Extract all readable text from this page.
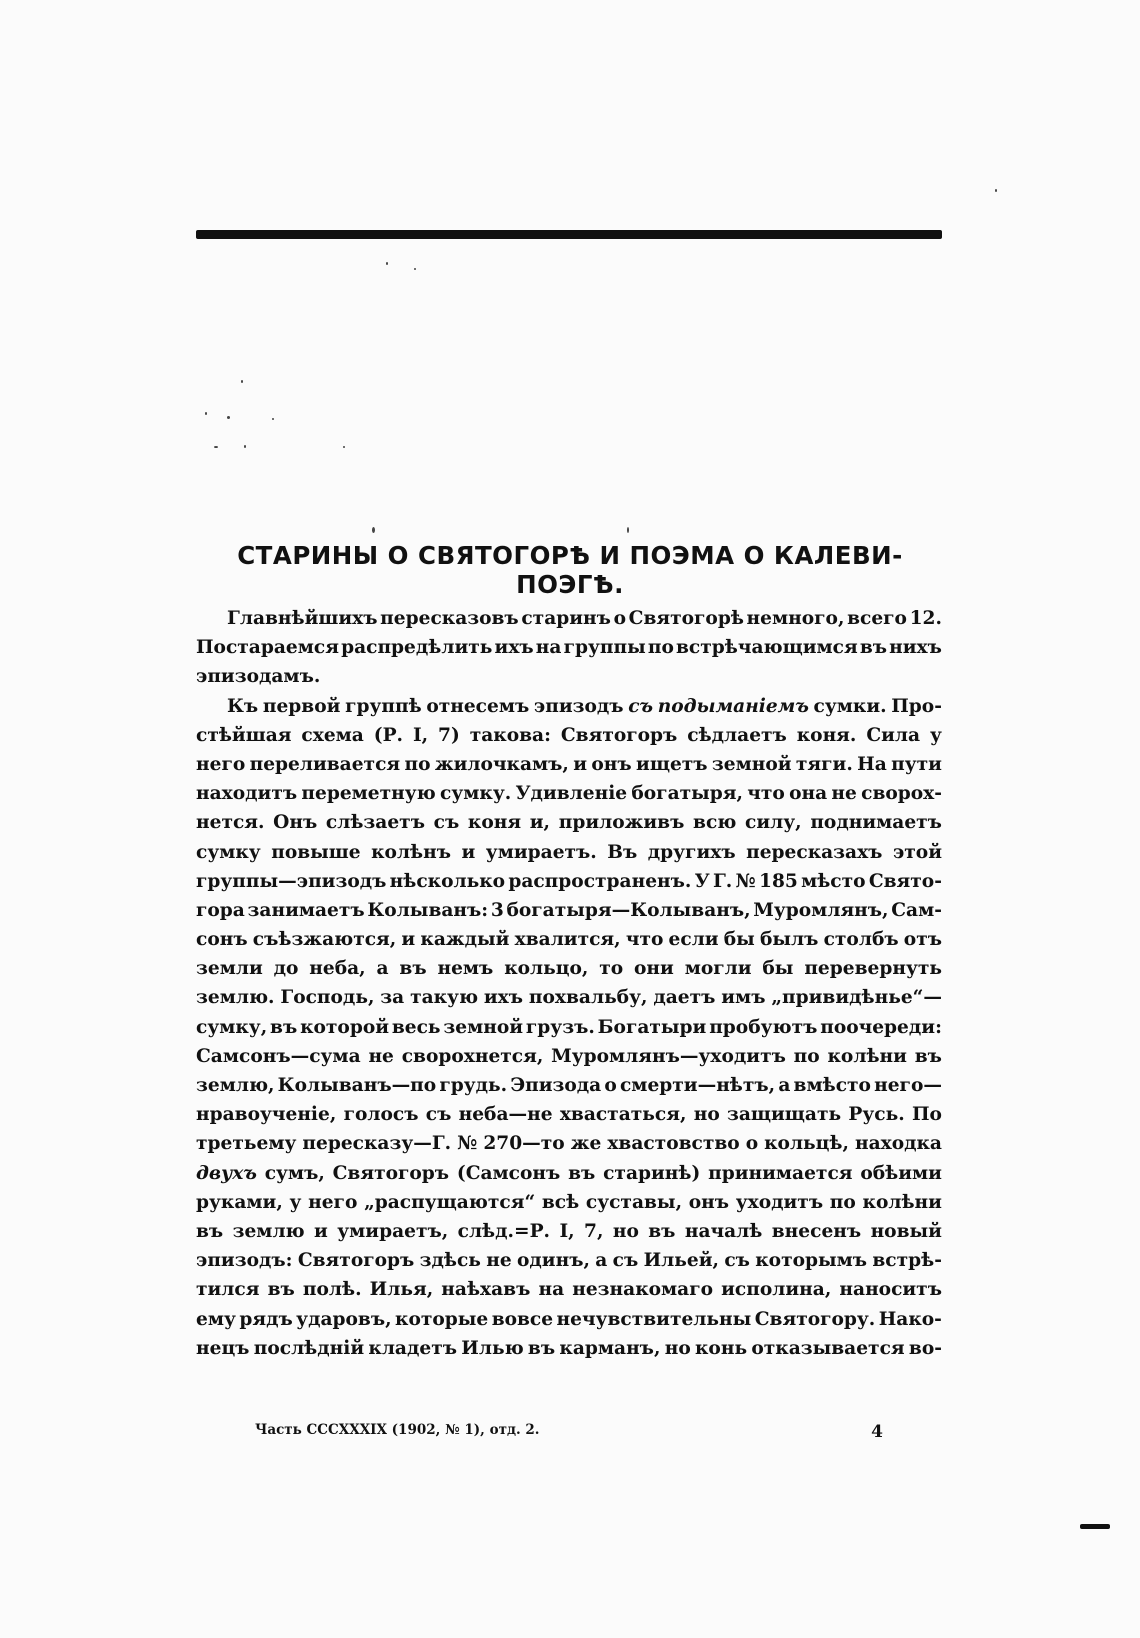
СТАРИНЫ О СВЯТОГОРѢ И ПОЭМА О КАЛЕВИ-ПОЭГѢ.
Главнѣйшихъ пересказовъ старинъ о Святогорѣ немного, всего 12.
Постараемся распредѣлить ихъ на группы по встрѣчающимся въ нихъ
эпизодамъ.
Къ первой группѣ отнесемъ эпизодъ съ подыманіемъ сумки. Про-
стѣйшая схема (Р. I, 7) такова: Святогоръ сѣдлаетъ коня. Сила у
него переливается по жилочкамъ, и онъ ищетъ земной тяги. На пути
находитъ переметную сумку. Удивленіе богатыря, что она не сворох-
нется. Онъ слѣзаетъ съ коня и, приложивъ всю силу, поднимаетъ
сумку повыше колѣнъ и умираетъ. Въ другихъ пересказахъ этой
группы—эпизодъ нѣсколько распространенъ. У Г. № 185 мѣсто Свято-
гора занимаетъ Колыванъ: 3 богатыря—Колыванъ, Муромлянъ, Сам-
сонъ съѣзжаются, и каждый хвалится, что если бы былъ столбъ отъ
земли до неба, а въ немъ кольцо, то они могли бы перевернуть
землю. Господь, за такую ихъ похвальбу, даетъ имъ „привидѣнье“—
сумку, въ которой весь земной грузъ. Богатыри пробуютъ поочереди:
Самсонъ—сума не сворохнется, Муромлянъ—уходитъ по колѣни въ
землю, Колыванъ—по грудь. Эпизода о смерти—нѣтъ, а вмѣсто него—
нравоученіе, голосъ съ неба—не хвастаться, но защищать Русь. По
третьему пересказу—Г. № 270—то же хвастовство о кольцѣ, находка
двухъ сумъ, Святогоръ (Самсонъ въ старинѣ) принимается обѣими
руками, у него „распущаются“ всѣ суставы, онъ уходитъ по колѣни
въ землю и умираетъ, слѣд.=Р. I, 7, но въ началѣ внесенъ новый
эпизодъ: Святогоръ здѣсь не одинъ, а съ Ильей, съ которымъ встрѣ-
тился въ полѣ. Илья, наѣхавъ на незнакомаго исполина, наноситъ
ему рядъ ударовъ, которые вовсе нечувствительны Святогору. Нако-
нецъ послѣдній кладетъ Илью въ карманъ, но конь отказывается во-
Часть CCCXXXIX (1902, № 1), отд. 2.	4
